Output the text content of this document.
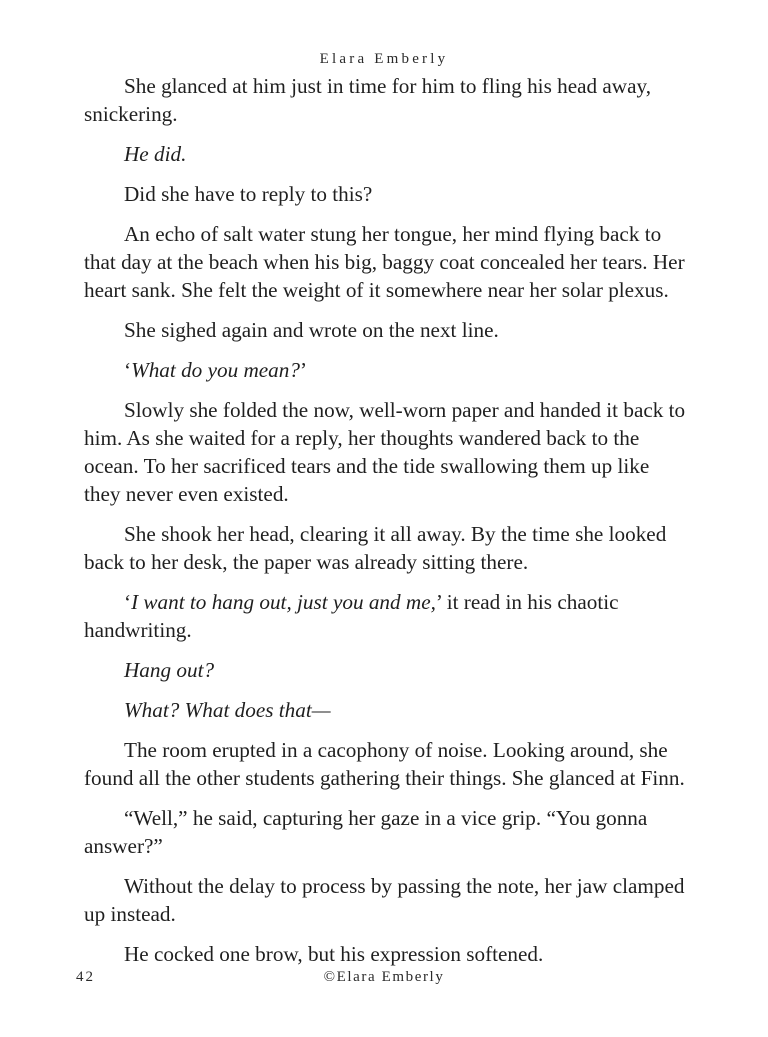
Elara Emberly

She glanced at him just in time for him to fling his head away, snickering.

He did.

Did she have to reply to this?

An echo of salt water stung her tongue, her mind flying back to that day at the beach when his big, baggy coat concealed her tears. Her heart sank. She felt the weight of it somewhere near her solar plexus.

She sighed again and wrote on the next line.

‘What do you mean?’

Slowly she folded the now, well-worn paper and handed it back to him. As she waited for a reply, her thoughts wandered back to the ocean. To her sacrificed tears and the tide swallowing them up like they never even existed.

She shook her head, clearing it all away. By the time she looked back to her desk, the paper was already sitting there.

‘I want to hang out, just you and me,’ it read in his chaotic handwriting.

Hang out?

What? What does that—

The room erupted in a cacophony of noise. Looking around, she found all the other students gathering their things. She glanced at Finn.

“Well,” he said, capturing her gaze in a vice grip. “You gonna answer?”

Without the delay to process by passing the note, her jaw clamped up instead.

He cocked one brow, but his expression softened.

42	©Elara Emberly
